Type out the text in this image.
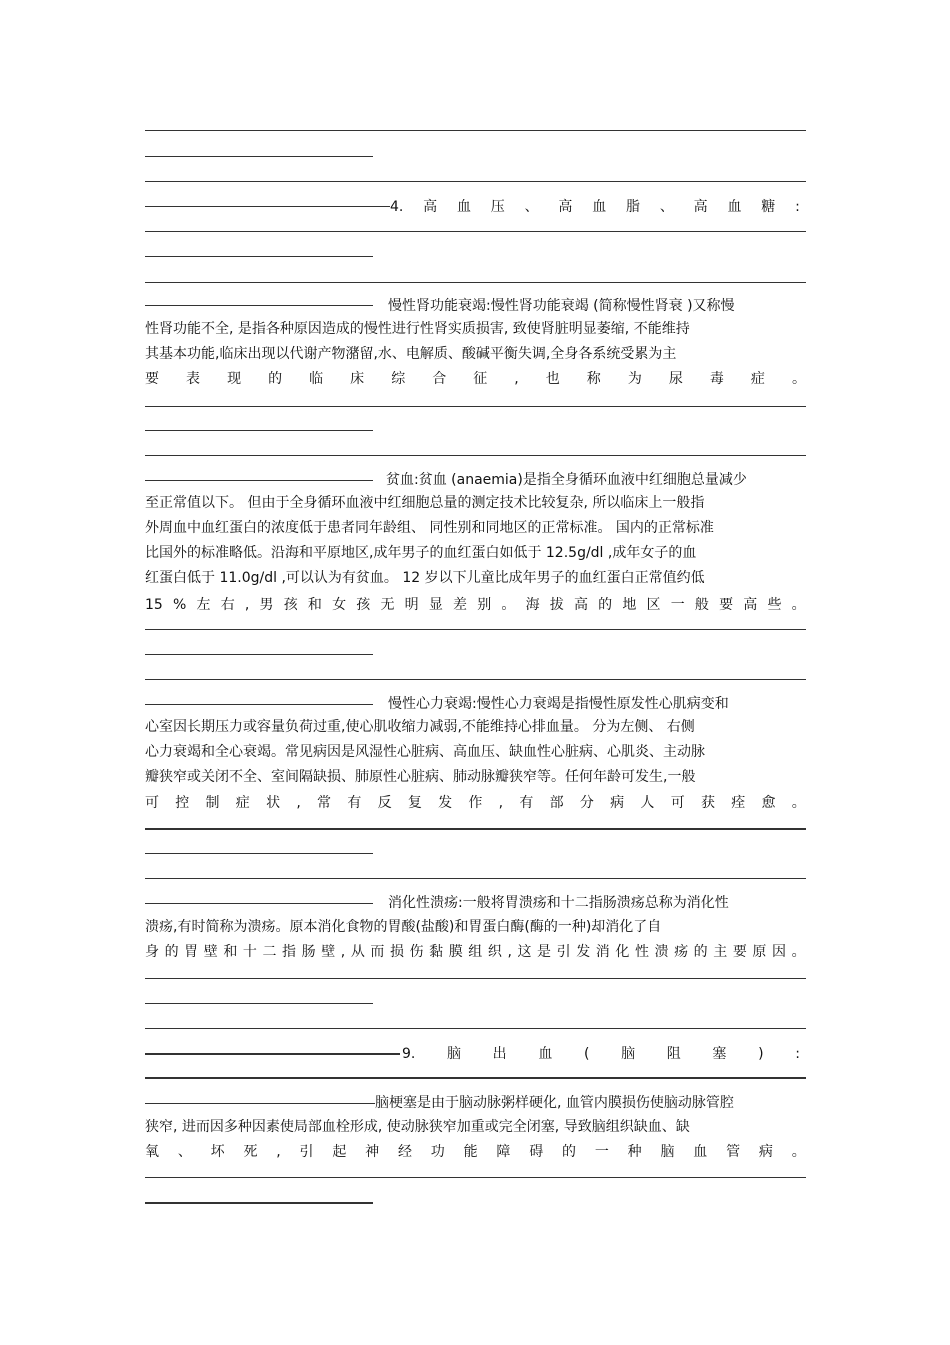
4. 高 血 压 、 高 血 脂 、 高 血 糖 :
慢性肾功能衰竭:慢性肾功能衰竭 (简称慢性肾衰 )又称慢
性肾功能不全, 是指各种原因造成的慢性进行性肾实质损害, 致使肾脏明显萎缩, 不能维持
其基本功能,临床出现以代谢产物潴留,水、电解质、酸碱平衡失调,全身各系统受累为主
要 表 现 的 临 床 综 合 征 , 也 称 为 尿 毒 症 。
贫血:贫血 (anaemia)是指全身循环血液中红细胞总量减少
至正常值以下。 但由于全身循环血液中红细胞总量的测定技术比较复杂, 所以临床上一般指
外周血中血红蛋白的浓度低于患者同年龄组、 同性别和同地区的正常标准。 国内的正常标准
比国外的标准略低。沿海和平原地区,成年男子的血红蛋白如低于 12.5g/dl ,成年女子的血
红蛋白低于 11.0g/dl ,可以认为有贫血。 12 岁以下儿童比成年男子的血红蛋白正常值约低
15 % 左 右 , 男 孩 和 女 孩 无 明 显 差 别 。 海 拔 高 的 地 区 一 般 要 高 些 。
慢性心力衰竭:慢性心力衰竭是指慢性原发性心肌病变和
心室因长期压力或容量负荷过重,使心肌收缩力减弱,不能维持心排血量。 分为左侧、 右侧
心力衰竭和全心衰竭。常见病因是风湿性心脏病、高血压、缺血性心脏病、心肌炎、主动脉
瓣狭窄或关闭不全、室间隔缺损、肺原性心脏病、肺动脉瓣狭窄等。任何年龄可发生,一般
可 控 制 症 状 , 常 有 反 复 发 作 , 有 部 分 病 人 可 获 痊 愈 。
消化性溃疡:一般将胃溃疡和十二指肠溃疡总称为消化性
溃疡,有时简称为溃疡。原本消化食物的胃酸(盐酸)和胃蛋白酶(酶的一种)却消化了自
身 的 胃 壁 和 十 二 指 肠 壁 , 从 而 损 伤 黏 膜 组 织 , 这 是 引 发 消 化 性 溃 疡 的 主 要 原 因 。
9. 脑 出 血 ( 脑 阻 塞 ) :
脑梗塞是由于脑动脉粥样硬化, 血管内膜损伤使脑动脉管腔
狭窄, 进而因多种因素使局部血栓形成, 使动脉狭窄加重或完全闭塞, 导致脑组织缺血、缺
氧 、 坏 死 , 引 起 神 经 功 能 障 碍 的 一 种 脑 血 管 病 。
